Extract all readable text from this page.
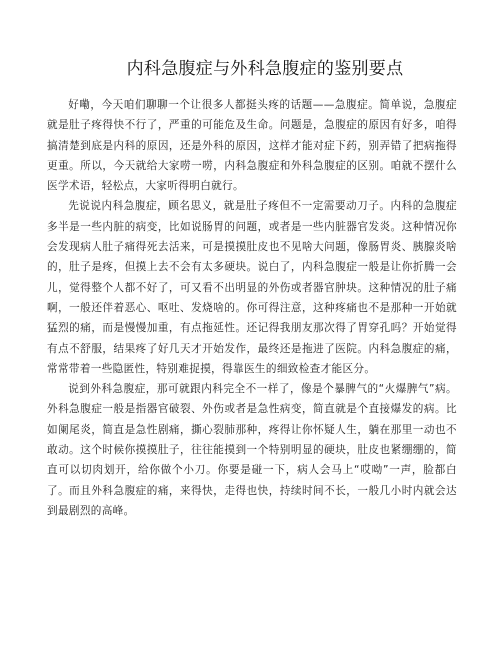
内科急腹症与外科急腹症的鉴别要点

好嘞，今天咱们聊聊一个让很多人都挺头疼的话题——急腹症。简单说，急腹症就是肚子疼得快不行了，严重的可能危及生命。问题是，急腹症的原因有好多，咱得搞清楚到底是内科的原因，还是外科的原因，这样才能对症下药，别弄错了把病拖得更重。所以，今天就给大家唠一唠，内科急腹症和外科急腹症的区别。咱就不摆什么医学术语，轻松点，大家听得明白就行。

先说说内科急腹症，顾名思义，就是肚子疼但不一定需要动刀子。内科的急腹症多半是一些内脏的病变，比如说肠胃的问题，或者是一些内脏器官发炎。这种情况你会发现病人肚子痛得死去活来，可是摸摸肚皮也不见啥大问题，像肠胃炎、胰腺炎啥的，肚子是疼，但摸上去不会有太多硬块。说白了，内科急腹症一般是让你折腾一会儿，觉得整个人都不好了，可又看不出明显的外伤或者器官肿块。这种情况的肚子痛啊，一般还伴着恶心、呕吐、发烧啥的。你可得注意，这种疼痛也不是那种一开始就猛烈的痛，而是慢慢加重，有点拖延性。还记得我朋友那次得了胃穿孔吗？开始觉得有点不舒服，结果疼了好几天才开始发作，最终还是拖进了医院。内科急腹症的痛，常常带着一些隐匿性，特别难捉摸，得靠医生的细致检查才能区分。

说到外科急腹症，那可就跟内科完全不一样了，像是个暴脾气的“火爆脾气”病。外科急腹症一般是指器官破裂、外伤或者是急性病变，简直就是个直接爆发的病。比如阑尾炎，简直是急性剧痛，撕心裂肺那种，疼得让你怀疑人生，躺在那里一动也不敢动。这个时候你摸摸肚子，往往能摸到一个特别明显的硬块，肚皮也紧绷绷的，简直可以切肉划开，给你做个小刀。你要是碰一下，病人会马上“哎呦”一声，脸都白了。而且外科急腹症的痛，来得快，走得也快，持续时间不长，一般几小时内就会达到最剧烈的高峰。
